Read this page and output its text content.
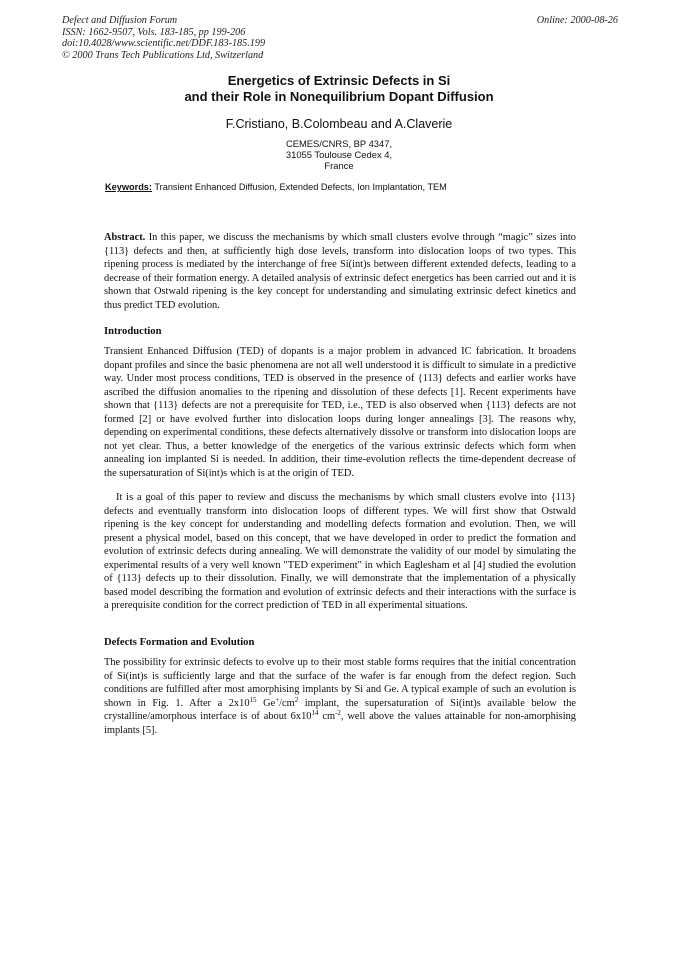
Defect and Diffusion Forum
ISSN: 1662-9507, Vols. 183-185, pp 199-206
doi:10.4028/www.scientific.net/DDF.183-185.199
© 2000 Trans Tech Publications Ltd, Switzerland
Online: 2000-08-26
Energetics of Extrinsic Defects in Si
and their Role in Nonequilibrium Dopant Diffusion
F.Cristiano, B.Colombeau and A.Claverie
CEMES/CNRS, BP 4347,
31055 Toulouse Cedex 4,
France
Keywords: Transient Enhanced Diffusion, Extended Defects, Ion Implantation, TEM
Abstract. In this paper, we discuss the mechanisms by which small clusters evolve through “magic” sizes into {113} defects and then, at sufficiently high dose levels, transform into dislocation loops of two types. This ripening process is mediated by the interchange of free Si(int)s between different extended defects, leading to a decrease of their formation energy. A detailed analysis of extrinsic defect energetics has been carried out and it is shown that Ostwald ripening is the key concept for understanding and simulating extrinsic defect kinetics and thus predict TED evolution.
Introduction

Transient Enhanced Diffusion (TED) of dopants is a major problem in advanced IC fabrication. It broadens dopant profiles and since the basic phenomena are not all well understood it is difficult to simulate in a predictive way. Under most process conditions, TED is observed in the presence of {113} defects and earlier works have ascribed the diffusion anomalies to the ripening and dissolution of these defects [1]. Recent experiments have shown that {113} defects are not a prerequisite for TED, i.e., TED is also observed when {113} defects are not formed [2] or have evolved further into dislocation loops during longer annealings [3]. The reasons why, depending on experimental conditions, these defects alternatively dissolve or transform into dislocation loops are not yet clear. Thus, a better knowledge of the energetics of the various extrinsic defects which form when annealing ion implanted Si is needed. In addition, their time-evolution reflects the time-dependent decrease of the supersaturation of Si(int)s which is at the origin of TED.

It is a goal of this paper to review and discuss the mechanisms by which small clusters evolve into {113} defects and eventually transform into dislocation loops of different types. We will first show that Ostwald ripening is the key concept for understanding and modelling defects formation and evolution. Then, we will present a physical model, based on this concept, that we have developed in order to predict the formation and evolution of extrinsic defects during annealing. We will demonstrate the validity of our model by simulating the experimental results of a very well known "TED experiment" in which Eaglesham et al [4] studied the evolution of {113} defects up to their dissolution. Finally, we will demonstrate that the implementation of a physically based model describing the formation and evolution of extrinsic defects and their interactions with the surface is a prerequisite condition for the correct prediction of TED in all experimental situations.

Defects Formation and Evolution

The possibility for extrinsic defects to evolve up to their most stable forms requires that the initial concentration of Si(int)s is sufficiently large and that the surface of the wafer is far enough from the defect region. Such conditions are fulfilled after most amorphising implants by Si and Ge. A typical example of such an evolution is shown in Fig. 1. After a $2x10^{15}$ $Ge^+/cm^2$ implant, the supersaturation of Si(int)s available below the crystalline/amorphous interface is of about $6x10^{14}$ $cm^{-2}$, well above the values attainable for non-amorphising implants [5].
